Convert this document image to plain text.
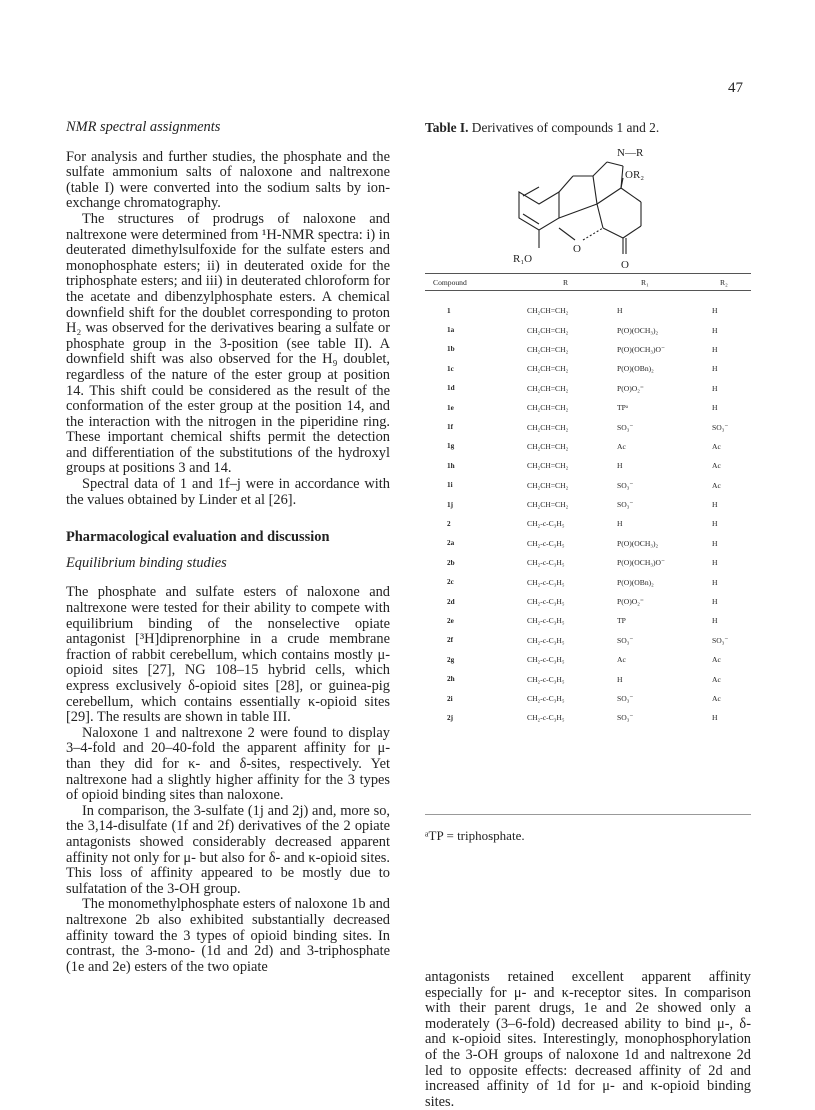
47
NMR spectral assignments

For analysis and further studies, the phosphate and the sulfate ammonium salts of naloxone and naltrexone (table I) were converted into the sodium salts by ion-exchange chromatography.

The structures of prodrugs of naloxone and naltrexone were determined from ¹H-NMR spectra: i) in deuterated dimethylsulfoxide for the sulfate esters and monophosphate esters; ii) in deuterated oxide for the triphosphate esters; and iii) in deuterated chloroform for the acetate and dibenzylphosphate esters. A chemical downfield shift for the doublet corresponding to proton H₂ was observed for the derivatives bearing a sulfate or phosphate group in the 3-position (see table II). A downfield shift was also observed for the H₉ doublet, regardless of the nature of the ester group at position 14. This shift could be considered as the result of the conformation of the ester group at the position 14, and the interaction with the nitrogen in the piperidine ring. These important chemical shifts permit the detection and differentiation of the substitutions of the hydroxyl groups at positions 3 and 14.

Spectral data of 1 and 1f–j were in accordance with the values obtained by Linder et al [26].

Pharmacological evaluation and discussion
Equilibrium binding studies

The phosphate and sulfate esters of naloxone and naltrexone were tested for their ability to compete with equilibrium binding of the nonselective opiate antagonist [³H]diprenorphine in a crude membrane fraction of rabbit cerebellum, which contains mostly μ-opioid sites [27], NG 108–15 hybrid cells, which express exclusively δ-opioid sites [28], or guinea-pig cerebellum, which contains essentially κ-opioid sites [29]. The results are shown in table III.

Naloxone 1 and naltrexone 2 were found to display 3–4-fold and 20–40-fold the apparent affinity for μ- than they did for κ- and δ-sites, respectively. Yet naltrexone had a slightly higher affinity for the 3 types of opioid binding sites than naloxone.

In comparison, the 3-sulfate (1j and 2j) and, more so, the 3,14-disulfate (1f and 2f) derivatives of the 2 opiate antagonists showed considerably decreased apparent affinity not only for μ- but also for δ- and κ-opioid sites. This loss of affinity appeared to be mostly due to sulfatation of the 3-OH group.

The monomethylphosphate esters of naloxone 1b and naltrexone 2b also exhibited substantially decreased affinity toward the 3 types of opioid binding sites. In contrast, the 3-mono- (1d and 2d) and 3-triphosphate (1e and 2e) esters of the two opiate

Table I. Derivatives of compounds 1 and 2.
N—R
OR₂
R₁O
O
O
Compound	R	R₁	R₂
1	CH₂CH=CH₂	H	H
1a	CH₂CH=CH₂	P(O)(OCH₃)₂	H
1b	CH₂CH=CH₂	P(O)(OCH₃)O⁻	H
1c	CH₂CH=CH₂	P(O)(OBn)₂	H
1d	CH₂CH=CH₂	P(O)O₂⁼	H
1e	CH₂CH=CH₂	TPᵃ	H
1f	CH₂CH=CH₂	SO₃⁻	SO₃⁻
1g	CH₂CH=CH₂	Ac	Ac
1h	CH₂CH=CH₂	H	Ac
1i	CH₂CH=CH₂	SO₃⁻	Ac
1j	CH₂CH=CH₂	SO₃⁻	H
2	CH₂-c-C₃H₅	H	H
2a	CH₂-c-C₃H₅	P(O)(OCH₃)₂	H
2b	CH₂-c-C₃H₅	P(O)(OCH₃)O⁻	H
2c	CH₂-c-C₃H₅	P(O)(OBn)₂	H
2d	CH₂-c-C₃H₅	P(O)O₂⁼	H
2e	CH₂-c-C₃H₅	TP	H
2f	CH₂-c-C₃H₅	SO₃⁻	SO₃⁻
2g	CH₂-c-C₃H₅	Ac	Ac
2h	CH₂-c-C₃H₅	H	Ac
2i	CH₂-c-C₃H₅	SO₃⁻	Ac
2j	CH₂-c-C₃H₅	SO₃⁻	H
ᵃTP = triphosphate.

antagonists retained excellent apparent affinity especially for μ- and κ-receptor sites. In comparison with their parent drugs, 1e and 2e showed only a moderately (3–6-fold) decreased ability to bind μ-, δ- and κ-opioid sites. Interestingly, monophosphorylation of the 3-OH groups of naloxone 1d and naltrexone 2d led to opposite effects: decreased affinity of 2d and increased affinity of 1d for μ- and κ-opioid binding sites.
